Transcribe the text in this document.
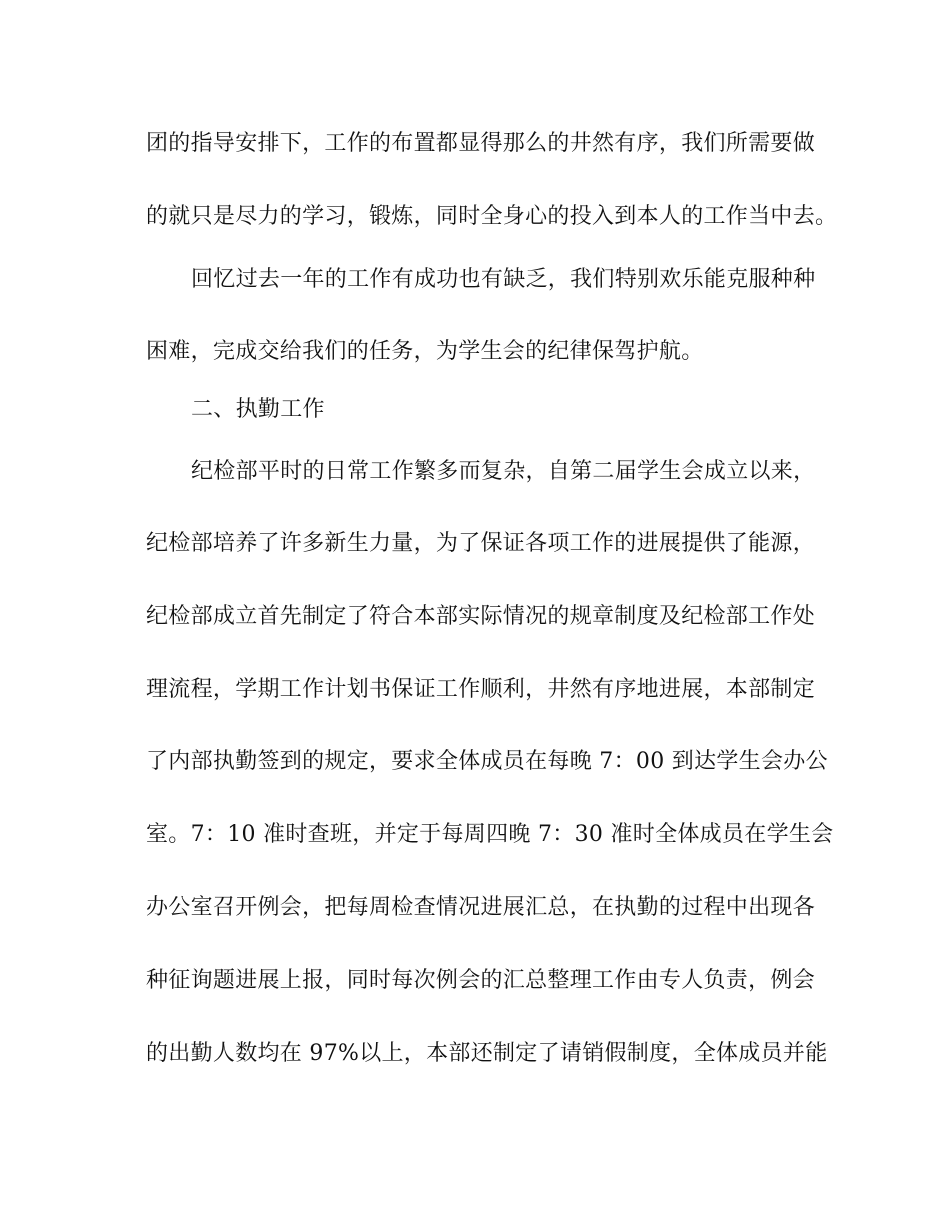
团的指导安排下，工作的布置都显得那么的井然有序，我们所需要做
的就只是尽力的学习，锻炼，同时全身心的投入到本人的工作当中去。
回忆过去一年的工作有成功也有缺乏，我们特别欢乐能克服种种
困难，完成交给我们的任务，为学生会的纪律保驾护航。
二、执勤工作
纪检部平时的日常工作繁多而复杂，自第二届学生会成立以来，
纪检部培养了许多新生力量，为了保证各项工作的进展提供了能源，
纪检部成立首先制定了符合本部实际情况的规章制度及纪检部工作处
理流程，学期工作计划书保证工作顺利，井然有序地进展，本部制定
了内部执勤签到的规定，要求全体成员在每晚 7：00 到达学生会办公
室。7：10 准时查班，并定于每周四晚 7：30 准时全体成员在学生会
办公室召开例会，把每周检查情况进展汇总，在执勤的过程中出现各
种征询题进展上报，同时每次例会的汇总整理工作由专人负责，例会
的出勤人数均在 97%以上，本部还制定了请销假制度，全体成员并能
